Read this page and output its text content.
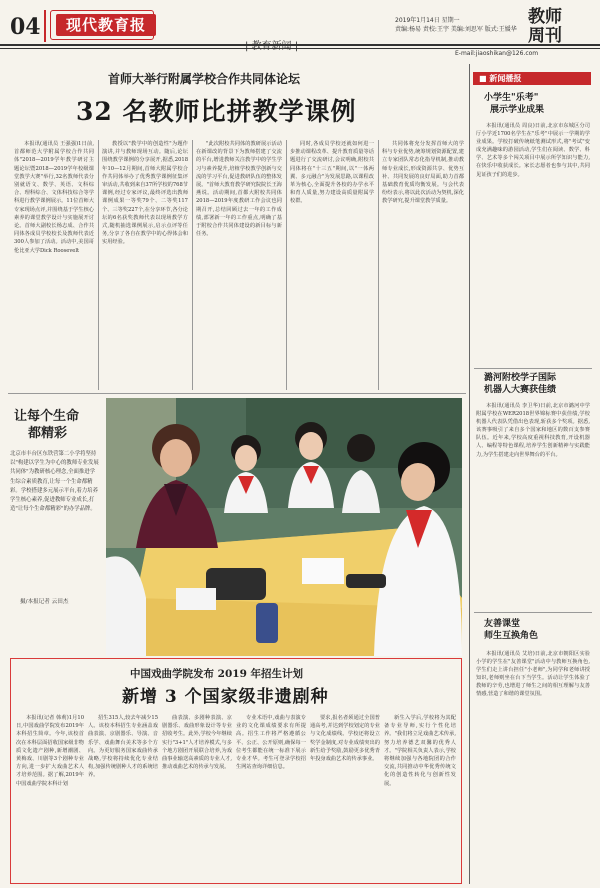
04	现代教育报
| 教育新闻 |
2019年1月14日 星期一
责编:杨易 责校:王宇 美编:刘思军 版式:王媛华
教师
周刊
E-mail:jiaoshikan@126.com
首师大举行附属学校合作共同体论坛
32 名教师比拼教学课例

本报讯(通讯员 王强强)1日前,首都师范大学附属学校合作共同体"2018—2019学年教学研讨主题论坛暨2018—2019学年校级课堂教学大赛"举行,32名教师代表分别就语文、数学、英语、文科综合、理科综合、文体科技综合等学科进行教学课例展示。11位首师大专家现场点评,并围绕基于学生核心素养的课堂教学设计与实施展开讨论。首师大副校长杨志成、合作共同体各成员学校校长及教师代表近300人参加了活动。活动中,美国哥伦比亚大学Dick Roosevelt

教授以"教学中的创造性"为题作演讲,并与教师现场互动。随后,论坛围绕教学课例的分享展开,据悉,2018年10—12月期间,首师大附属学校合作共同体举办了优秀教学课例征集评审活动,共收到来自37所学校的768节课例,经过专家评议,最终评选出教师课例成果一等奖79个、二等奖117个、三等奖227个,在分享环节,各分论坛的6名获奖教师代表以现场教学方式,随机抽选课例展示,启示点评等任务,分享了各自在教学中的心得体会和实用经验。

"此次附校共同体的教研展示活动在新课改的背景下为教师搭建了交流的平台,增进教师关注教学中的学生学习与素养提升,培植学校教学创新与交流的学习平台,促进教研队伍的整体发展。"首师大教育教学研究院院长王海燕说。活动期间,首都大附校共同体2018—2019年度教研工作会议也同期召开,总结回顾过去一年的工作成绩,部署新一年的工作重点,明确了基于附校合作共同体建设的新目标与新任务。

同时,各成员学校还就如何进一步推动课程改革、提升教育质量等话题进行了交流研讨,会议明确,附校共同体将在"十三五"期间,以"一体两翼、多元融合"为发展思路,以课程改革为核心,全面提升各校的办学水平和育人质量,努力建设高质量附属学校群。

共同体将充分发挥首师大的学科与专业优势,统筹规划资源配置,建立专家团队常态化指导机制,推动教师专业成长,形成资源共享、优势互补、共同发展的良好局面,助力首都基础教育优质均衡发展。与会代表纷纷表示,将以此次活动为契机,深化教学研究,提升课堂教学质量。

让每个生命
都精彩
北京市丰台区东铁营第二小学将坚持以"构建以学生为中心的教师专业发展共同体"为教研核心理念,全面推进学生综合素质教育,让每一个生命都精彩。学校搭建多元展示平台,着力培养学生核心素养,促进教师专业成长,打造"让每个生命都精彩"的办学品牌。
摄/本报记者 云田杰
■ 新闻播报
小学生"乐考"
展示学业成果

本报讯(通讯员 周良)日前,北京市东城区分司厅小学近1700名学生在"乐考"中展示一学期的学业成果。学校打破传统纸笔测试形式,将"考试"变成充满趣味的游园活动,学生们在阅读、数学、科学、艺术等多个闯关项目中展示所学知识与能力,在快乐中收获成长。家长志愿者也参与其中,共同见证孩子们的进步。

潞河附校学子国际
机器人大赛获佳绩

本报讯(通讯员 李卫华)日前,北京市潞河中学附属学校在WER2018世界锦标赛中获佳绩,学校机器人代表队凭借出色表现,斩获多个奖项。据悉,该赛事吸引了来自多个国家和地区的数百支参赛队伍。近年来,学校高度重视科技教育,开设机器人、编程等特色课程,培养学生创新精神与实践能力,为学生搭建走向世界舞台的平台。

友善课堂
师生互换角色

本报讯(通讯员 艾培)日前,北京市朝阳区实验小学的学生在"友善课堂"活动中与教师互换角色,学生们走上讲台担任"小老师",为同学和老师讲授知识,老师则坐在台下当学生。活动让学生体验了教师的辛劳,也增进了师生之间的相互理解与友善情感,营造了和谐的课堂氛围。

中国戏曲学院发布 2019 年招生计划
新增 3 个国家级非遗剧种

本报讯(记者 韩莉)1月10日,中国戏曲学院发布2019年本科招生简章。今年,该校首次在本科层面招收国家级非物质文化遗产剧种,新增潮剧、黄梅戏、川剧等3个剧种专业方向,进一步扩大戏曲艺术人才培养范围。据了解,2019年中国戏曲学院本科计划

招生315人,较去年减少15人。该校本科招生专业涵盖戏曲表演、京剧器乐、导演、音乐学、戏曲舞台美术等多个方向。为更好服务国家戏曲传承战略,学校将持续优化专业结构,加强传统剧种人才的系统培养。

曲表演、多剧种表演、京剧器乐、戏曲形象设计等专业招收考生。此外,学校今年继续实行"3+1"人才培养模式,与多个地方剧团开展联合培养,为戏曲事业输送高素质的专业人才,推动戏曲艺术的传承与发展。

专业术语中,戏曲与表演专业的文化课成绩要求有所提高。招生工作将严格遵循公平、公正、公开原则,确保每一位考生都能在统一标准下展示专业才华。考生可登录学校招生网站查询详细信息。

要求,报名者须通过全国普通高考,并达到学校划定的专业与文化成绩线。学校还将设立奖学金制度,对专业成绩突出的新生给予奖励,鼓励更多优秀青年投身戏曲艺术的传承事业。

新生入学后,学校将为其配备专业导师,实行个性化培养。"我们将立足戏曲艺术传承,努力培养德艺双馨的优秀人才。"学院相关负责人表示,学校将继续加强与各地院团的合作交流,共同推动中华优秀传统文化的创造性转化与创新性发展。
